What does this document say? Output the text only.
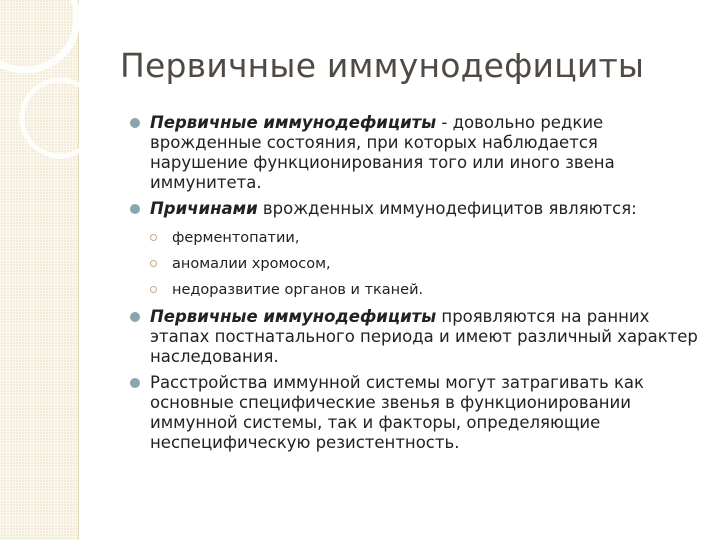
Первичные иммунодефициты
Первичные иммунодефициты - довольно редкие врожденные состояния, при которых наблюдается нарушение функционирования того или иного звена иммунитета.
Причинами врожденных иммунодефицитов являются:
ферментопатии,
аномалии хромосом,
недоразвитие органов и тканей.
Первичные иммунодефициты проявляются на ранних этапах постнатального периода и имеют различный характер наследования.
Расстройства иммунной системы могут затрагивать как основные специфические звенья в функционировании иммунной системы, так и факторы, определяющие неспецифическую резистентность.
